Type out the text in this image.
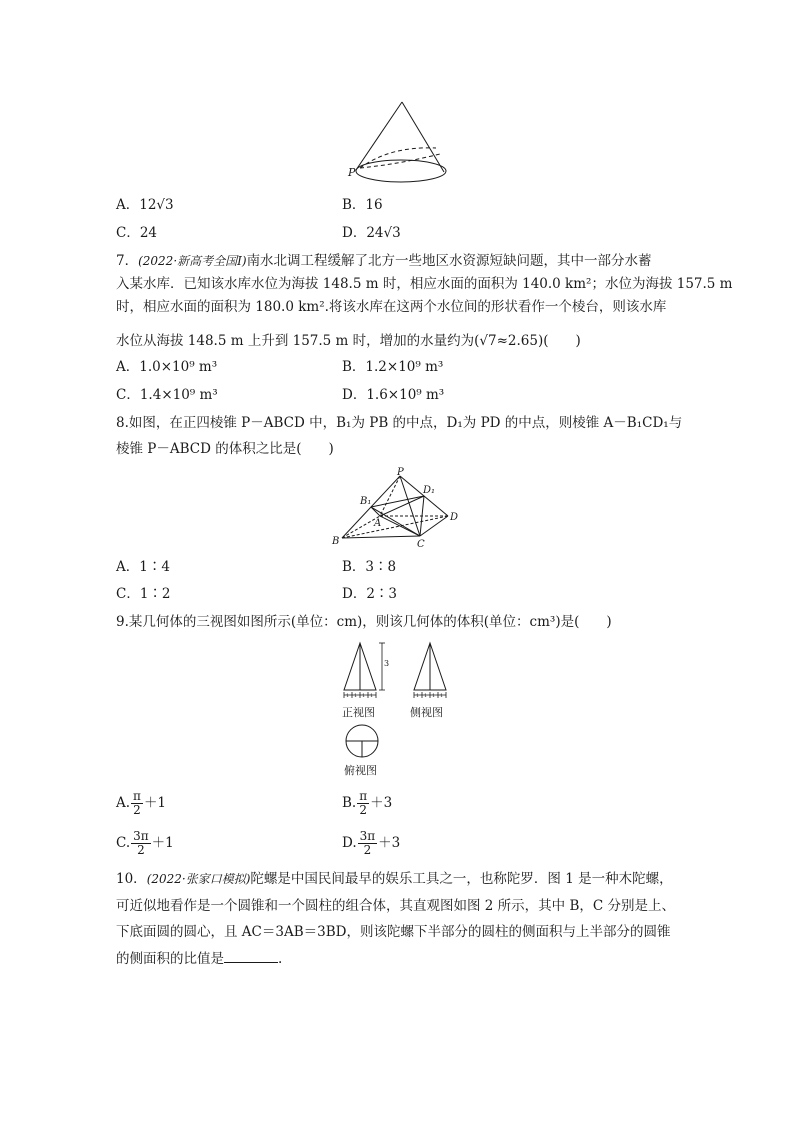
P
A．12√3	B．16
C．24	D．24√3
7．(2022·新高考全国Ⅰ)南水北调工程缓解了北方一些地区水资源短缺问题，其中一部分水蓄
入某水库．已知该水库水位为海拔 148.5 m 时，相应水面的面积为 140.0 km²；水位为海拔 157.5 m
时，相应水面的面积为 180.0 km².将该水库在这两个水位间的形状看作一个棱台，则该水库
水位从海拔 148.5 m 上升到 157.5 m 时，增加的水量约为(√7≈2.65)(　　)
A．1.0×10⁹ m³	B．1.2×10⁹ m³
C．1.4×10⁹ m³	D．1.6×10⁹ m³
8.如图，在正四棱锥 P－ABCD 中，B₁为 PB 的中点，D₁为 PD 的中点，则棱锥 A－B₁CD₁与
棱锥 P－ABCD 的体积之比是(　　)
P
B₁
D₁
A
B	C
D
A．1∶4	B．3∶8
C．1∶2	D．2∶3
9.某几何体的三视图如图所示(单位：cm)，则该几何体的体积(单位：cm³)是(　　)
1 1 1 1
3
正视图
1 1 1 1
侧视图
俯视图
A. $\frac{\pi}{2} +1$	B. $\frac{\pi}{2} +3$
C. $\frac{3\pi}{2} +1$	D. $\frac{3\pi}{2} +3$
10．(2022·张家口模拟)陀螺是中国民间最早的娱乐工具之一，也称陀罗．图 1 是一种木陀螺，
可近似地看作是一个圆锥和一个圆柱的组合体，其直观图如图 2 所示，其中 B，C 分别是上、
下底面圆的圆心，且 AC＝3AB＝3BD，则该陀螺下半部分的圆柱的侧面积与上半部分的圆锥
的侧面积的比值是	.
